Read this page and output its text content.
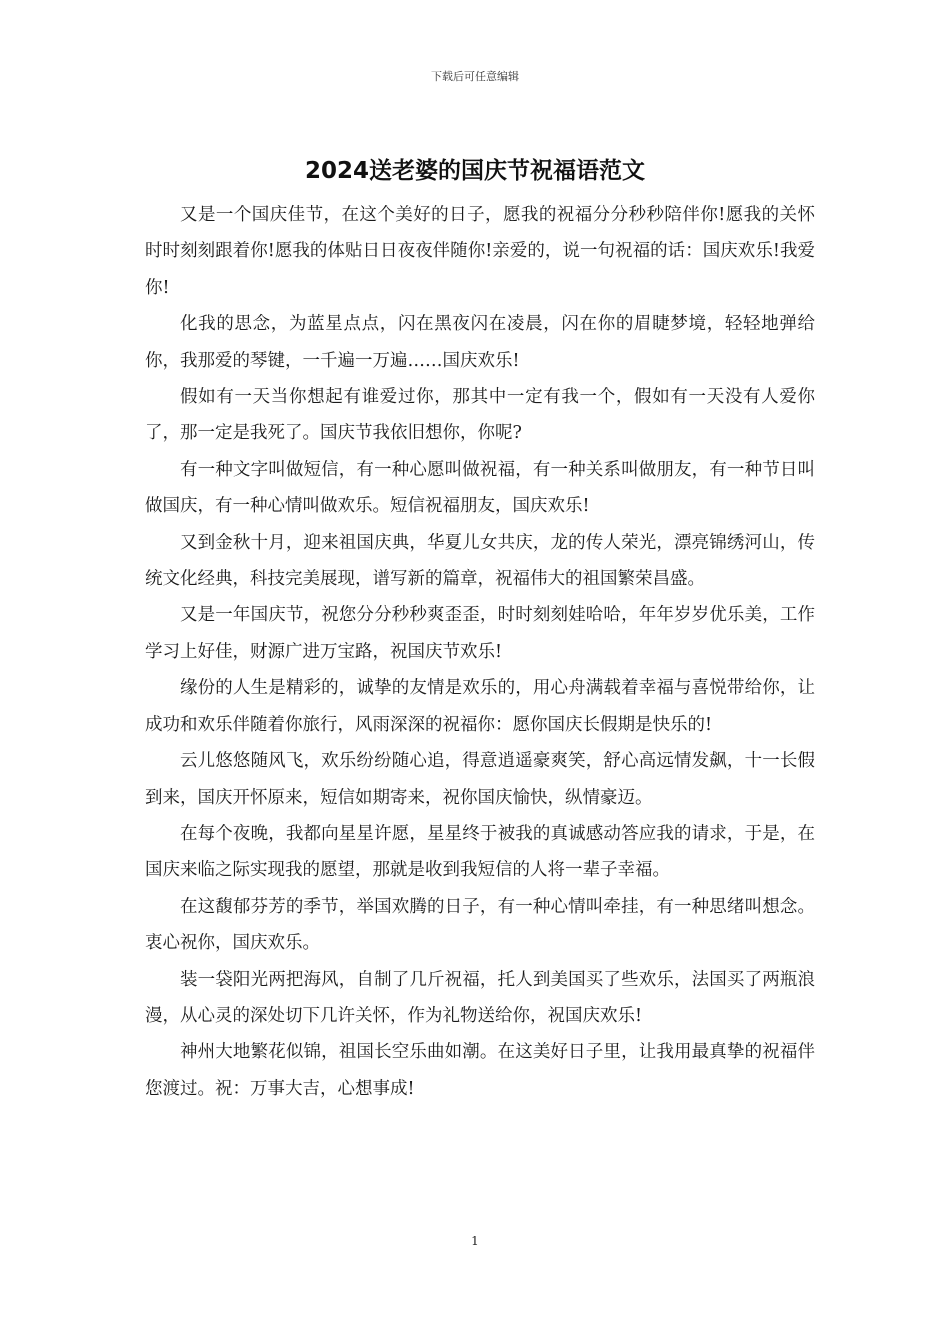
下载后可任意编辑
2024送老婆的国庆节祝福语范文

又是一个国庆佳节，在这个美好的日子，愿我的祝福分分秒秒陪伴你!愿我的关怀时时刻刻跟着你!愿我的体贴日日夜夜伴随你!亲爱的，说一句祝福的话：国庆欢乐!我爱你!

化我的思念，为蓝星点点，闪在黑夜闪在凌晨，闪在你的眉睫梦境，轻轻地弹给你，我那爱的琴键，一千遍一万遍……国庆欢乐!

假如有一天当你想起有谁爱过你，那其中一定有我一个，假如有一天没有人爱你了，那一定是我死了。国庆节我依旧想你，你呢?

有一种文字叫做短信，有一种心愿叫做祝福，有一种关系叫做朋友，有一种节日叫做国庆，有一种心情叫做欢乐。短信祝福朋友，国庆欢乐!

又到金秋十月，迎来祖国庆典，华夏儿女共庆，龙的传人荣光，漂亮锦绣河山，传统文化经典，科技完美展现，谱写新的篇章，祝福伟大的祖国繁荣昌盛。

又是一年国庆节，祝您分分秒秒爽歪歪，时时刻刻娃哈哈，年年岁岁优乐美，工作学习上好佳，财源广进万宝路，祝国庆节欢乐!

缘份的人生是精彩的，诚挚的友情是欢乐的，用心舟满载着幸福与喜悦带给你，让成功和欢乐伴随着你旅行，风雨深深的祝福你：愿你国庆长假期是快乐的!

云儿悠悠随风飞，欢乐纷纷随心追，得意逍遥豪爽笑，舒心高远情发飙，十一长假到来，国庆开怀原来，短信如期寄来，祝你国庆愉快，纵情豪迈。

在每个夜晚，我都向星星许愿，星星终于被我的真诚感动答应我的请求，于是，在国庆来临之际实现我的愿望，那就是收到我短信的人将一辈子幸福。

在这馥郁芬芳的季节，举国欢腾的日子，有一种心情叫牵挂，有一种思绪叫想念。衷心祝你，国庆欢乐。

装一袋阳光两把海风，自制了几斤祝福，托人到美国买了些欢乐，法国买了两瓶浪漫，从心灵的深处切下几许关怀，作为礼物送给你，祝国庆欢乐!

神州大地繁花似锦，祖国长空乐曲如潮。在这美好日子里，让我用最真挚的祝福伴您渡过。祝：万事大吉，心想事成!

1
